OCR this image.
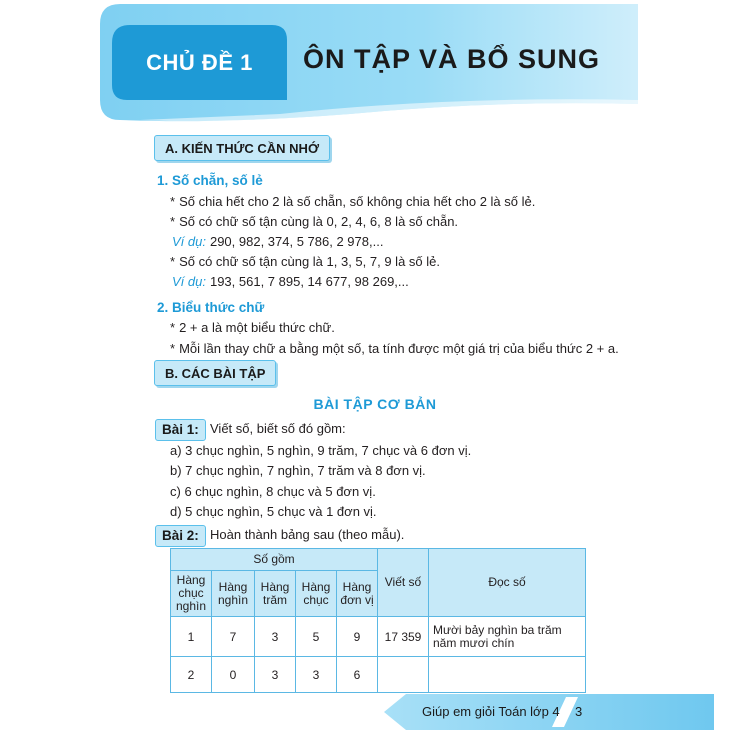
CHỦ ĐỀ 1	ÔN TẬP VÀ BỔ SUNG
A. KIẾN THỨC CẦN NHỚ
1. Số chẵn, số lẻ
* Số chia hết cho 2 là số chẵn, số không chia hết cho 2 là số lẻ.
* Số có chữ số tận cùng là 0, 2, 4, 6, 8 là số chẵn.
Ví dụ: 290, 982, 374, 5 786, 2 978,...
* Số có chữ số tận cùng là 1, 3, 5, 7, 9 là số lẻ.
Ví dụ: 193, 561, 7 895, 14 677, 98 269,...
2. Biểu thức chữ
* 2 + a là một biểu thức chữ.
* Mỗi lần thay chữ a bằng một số, ta tính được một giá trị của biểu thức 2 + a.
B. CÁC BÀI TẬP
BÀI TẬP CƠ BẢN
Bài 1: Viết số, biết số đó gồm:
a) 3 chục nghìn, 5 nghìn, 9 trăm, 7 chục và 6 đơn vị.
b) 7 chục nghìn, 7 nghìn, 7 trăm và 8 đơn vị.
c) 6 chục nghìn, 8 chục và 5 đơn vị.
d) 5 chục nghìn, 5 chục và 1 đơn vị.
Bài 2: Hoàn thành bảng sau (theo mẫu).
Số gồm					Viết số	Đọc số
Hàng chục nghìn	Hàng nghìn	Hàng trăm	Hàng chục	Hàng đơn vị		
1	7	3	5	9	17 359	Mười bảy nghìn ba trăm năm mươi chín
2	0	3	3	6		
Giúp em giỏi Toán lớp 4 3
